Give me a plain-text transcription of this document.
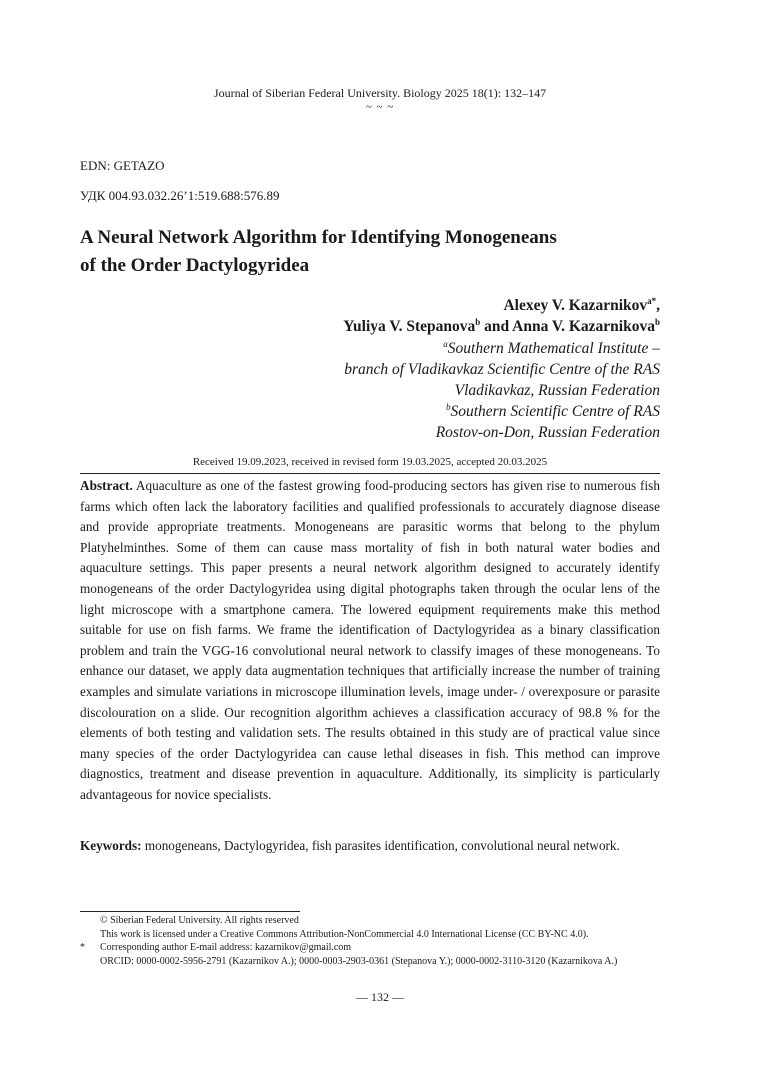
Journal of Siberian Federal University. Biology 2025 18(1): 132–147
~ ~ ~
EDN: GETAZO
УДК 004.93.032.26’1:519.688:576.89
A Neural Network Algorithm for Identifying Monogeneans
of the Order Dactylogyridea
Alexey V. Kazarnikov$^{a*}$,
Yuliya V. Stepanova$^b$ and Anna V. Kazarnikova$^b$
$^a$Southern Mathematical Institute –
branch of Vladikavkaz Scientific Centre of the RAS
Vladikavkaz, Russian Federation
$^b$Southern Scientific Centre of RAS
Rostov-on-Don, Russian Federation
Received 19.09.2023, received in revised form 19.03.2025, accepted 20.03.2025
Abstract. Aquaculture as one of the fastest growing food-producing sectors has given rise to numerous fish farms which often lack the laboratory facilities and qualified professionals to accurately diagnose disease and provide appropriate treatments. Monogeneans are parasitic worms that belong to the phylum Platyhelminthes. Some of them can cause mass mortality of fish in both natural water bodies and aquaculture settings. This paper presents a neural network algorithm designed to accurately identify monogeneans of the order Dactylogyridea using digital photographs taken through the ocular lens of the light microscope with a smartphone camera. The lowered equipment requirements make this method suitable for use on fish farms. We frame the identification of Dactylogyridea as a binary classification problem and train the VGG-16 convolutional neural network to classify images of these monogeneans. To enhance our dataset, we apply data augmentation techniques that artificially increase the number of training examples and simulate variations in microscope illumination levels, image under- / overexposure or parasite discolouration on a slide. Our recognition algorithm achieves a classification accuracy of 98.8 % for the elements of both testing and validation sets. The results obtained in this study are of practical value since many species of the order Dactylogyridea can cause lethal diseases in fish. This method can improve diagnostics, treatment and disease prevention in aquaculture. Additionally, its simplicity is particularly advantageous for novice specialists.
Keywords: monogeneans, Dactylogyridea, fish parasites identification, convolutional neural network.
© Siberian Federal University. All rights reserved
This work is licensed under a Creative Commons Attribution-NonCommercial 4.0 International License (CC BY-NC 4.0).
*	Corresponding author E-mail address: kazarnikov@gmail.com
ORCID: 0000-0002-5956-2791 (Kazarnikov A.); 0000-0003-2903-0361 (Stepanova Y.); 0000-0002-3110-3120 (Kazarnikova A.)
— 132 —
